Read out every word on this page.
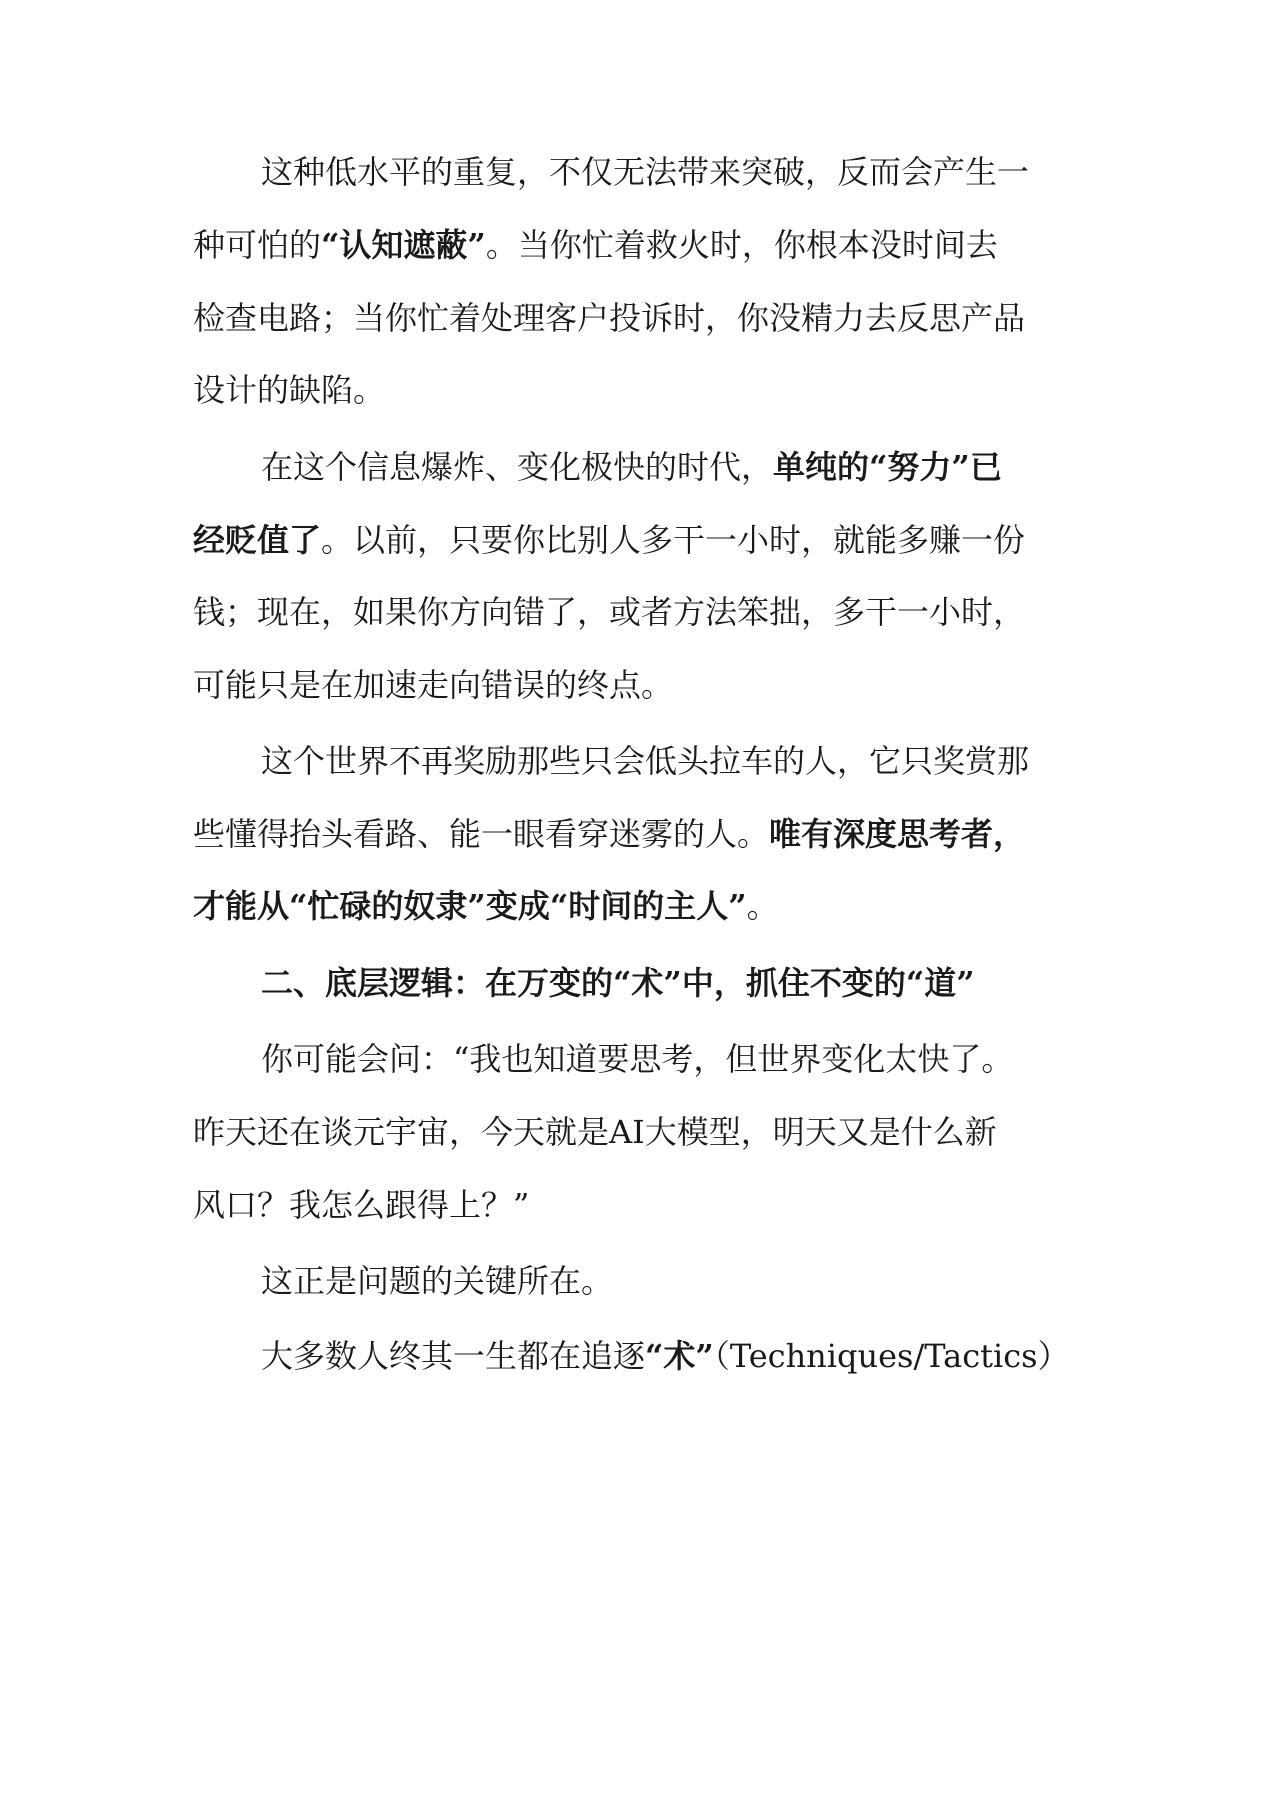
这种低水平的重复，不仅无法带来突破，反而会产生一
种可怕的“认知遮蔽”。当你忙着救火时，你根本没时间去
检查电路；当你忙着处理客户投诉时，你没精力去反思产品
设计的缺陷。
在这个信息爆炸、变化极快的时代，单纯的“努力”已
经贬值了。以前，只要你比别人多干一小时，就能多赚一份
钱；现在，如果你方向错了，或者方法笨拙，多干一小时，
可能只是在加速走向错误的终点。
这个世界不再奖励那些只会低头拉车的人，它只奖赏那
些懂得抬头看路、能一眼看穿迷雾的人。唯有深度思考者，
才能从“忙碌的奴隶”变成“时间的主人”。
二、底层逻辑：在万变的“术”中，抓住不变的“道”
你可能会问：“我也知道要思考，但世界变化太快了。
昨天还在谈元宇宙，今天就是AI大模型，明天又是什么新
风口？我怎么跟得上？”
这正是问题的关键所在。
大多数人终其一生都在追逐“术”（Techniques/Tactics）
